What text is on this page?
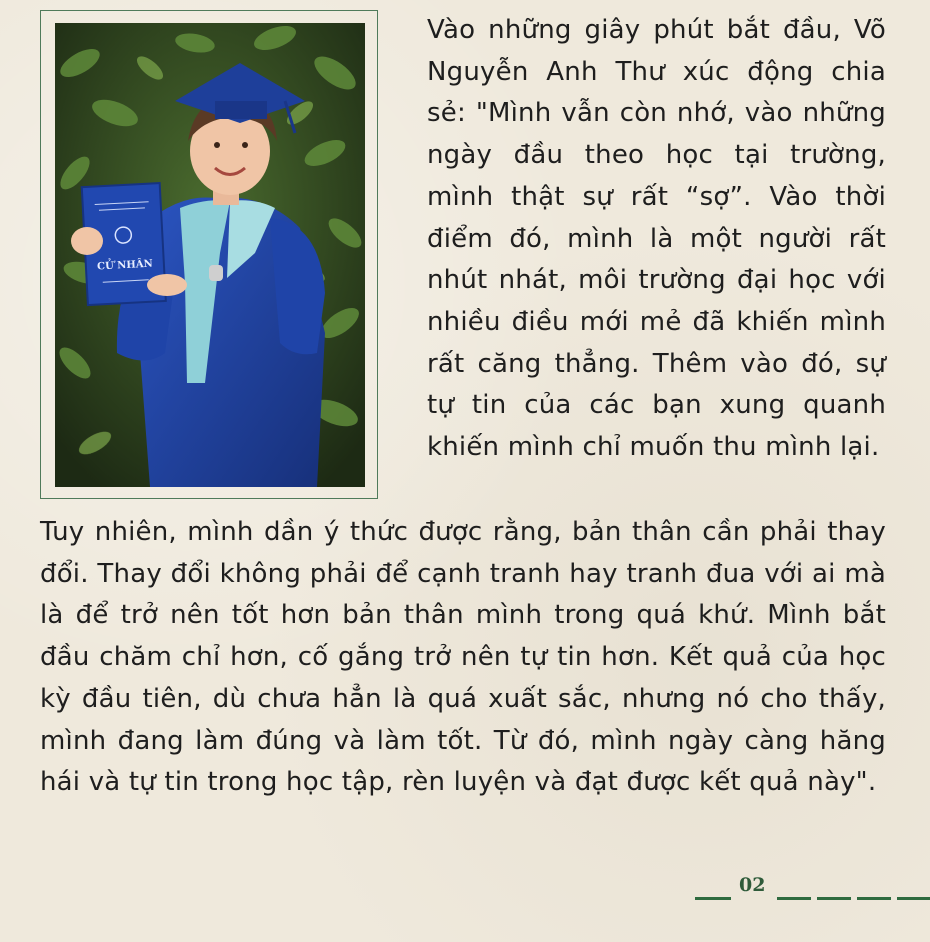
CỬ NHÂN

Vào những giây phút bắt đầu, Võ Nguyễn Anh Thư xúc động chia sẻ: "Mình vẫn còn nhớ, vào những ngày đầu theo học tại trường, mình thật sự rất “sợ”. Vào thời điểm đó, mình là một người rất nhút nhát, môi trường đại học với nhiều điều mới mẻ đã khiến mình rất căng thẳng. Thêm vào đó, sự tự tin của các bạn xung quanh khiến mình chỉ muốn thu mình lại.

Tuy nhiên, mình dần ý thức được rằng, bản thân cần phải thay đổi. Thay đổi không phải để cạnh tranh hay tranh đua với ai mà là để trở nên tốt hơn bản thân mình trong quá khứ. Mình bắt đầu chăm chỉ hơn, cố gắng trở nên tự tin hơn. Kết quả của học kỳ đầu tiên, dù chưa hẳn là quá xuất sắc, nhưng nó cho thấy, mình đang làm đúng và làm tốt. Từ đó, mình ngày càng hăng hái và tự tin trong học tập, rèn luyện và đạt được kết quả này".

02
